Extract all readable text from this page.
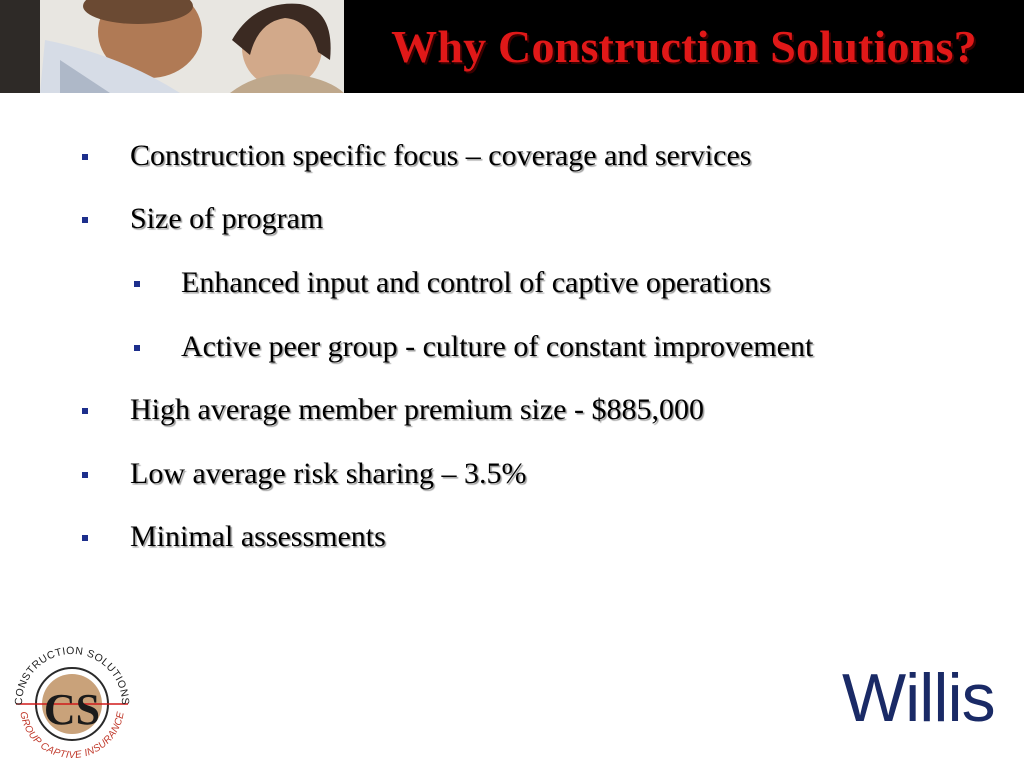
Why Construction Solutions?
Construction specific focus – coverage and services
Size of program
Enhanced input and control of captive operations
Active peer group - culture of constant improvement
High average member premium size - $885,000
Low average risk sharing – 3.5%
Minimal assessments
CS
CONSTRUCTION SOLUTIONS
GROUP CAPTIVE INSURANCE	Willis
